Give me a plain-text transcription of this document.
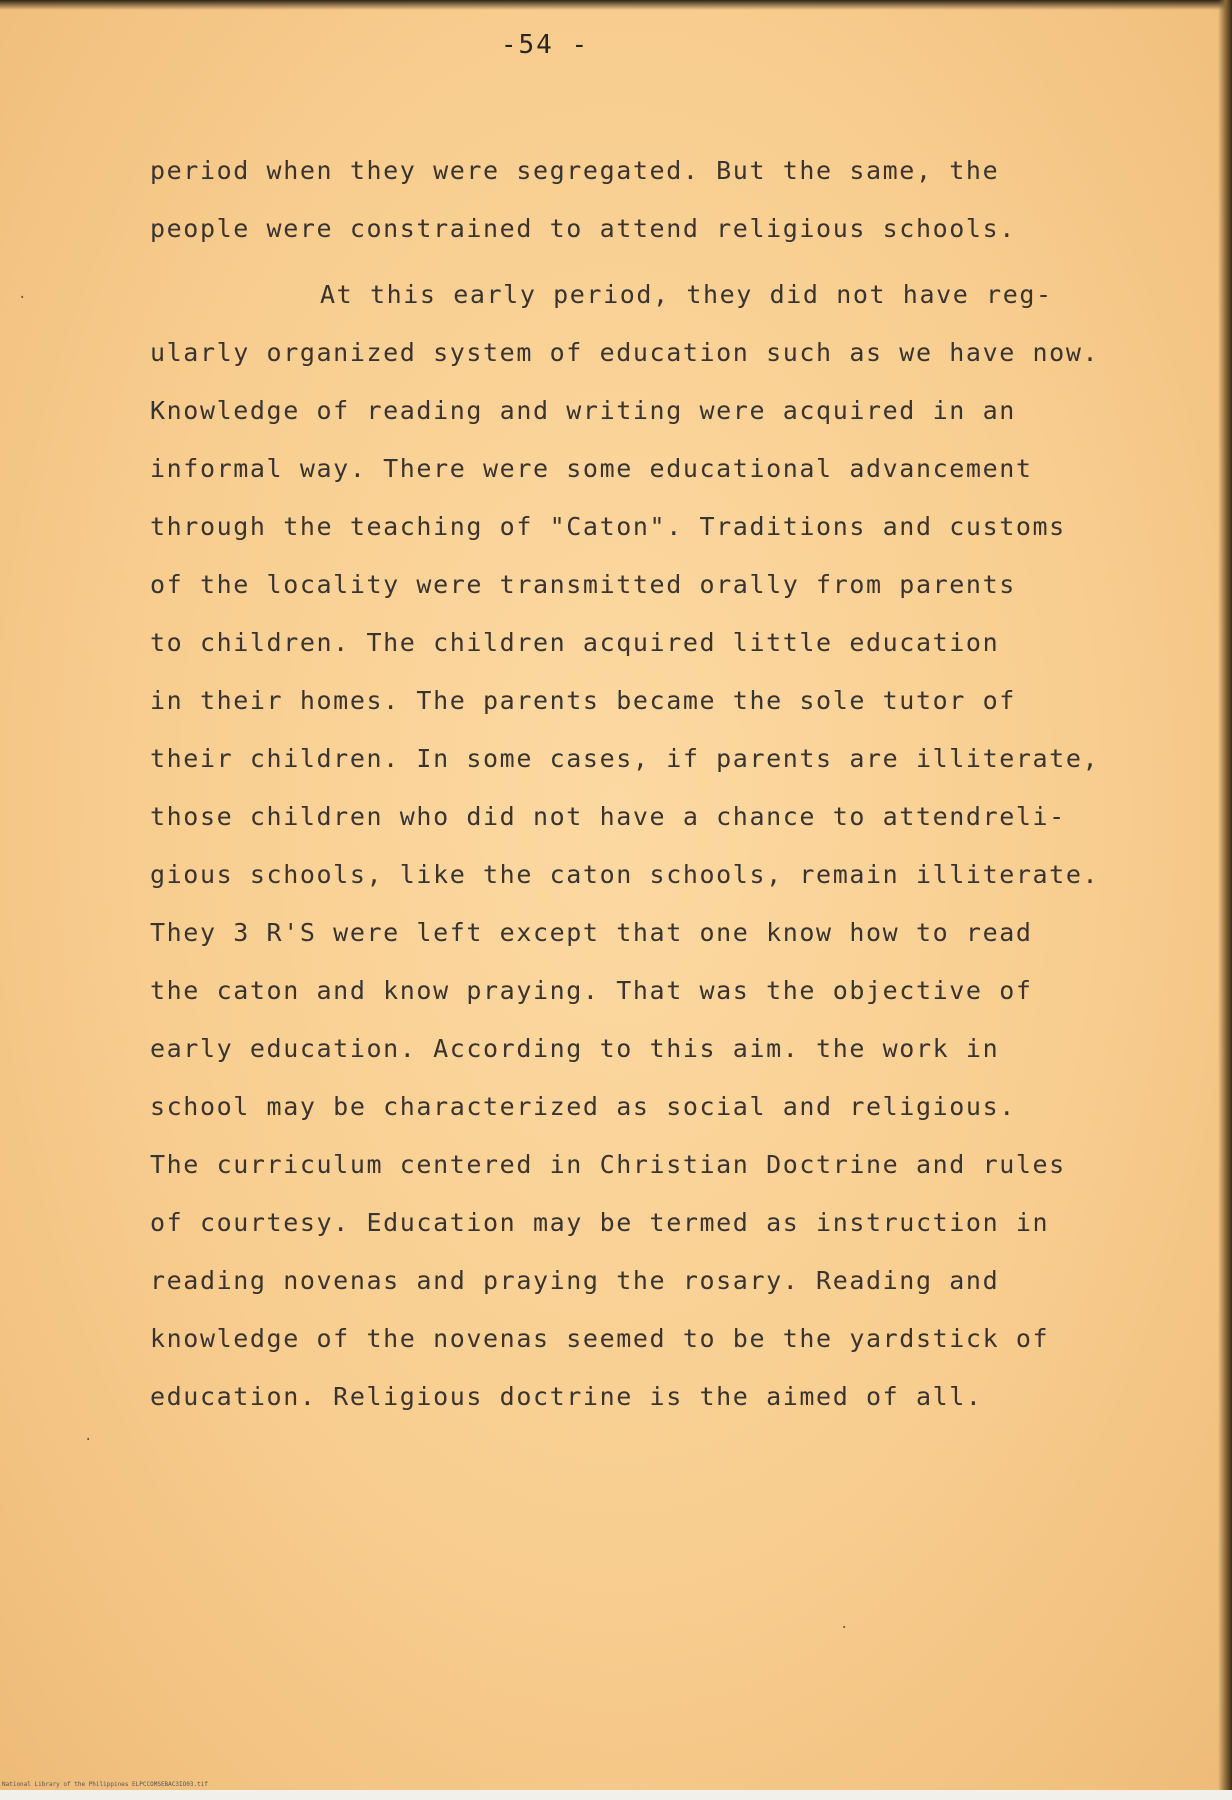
-54 -
period when they were segregated. But the same, the
people were constrained to attend religious schools.
At this early period, they did not have reg-
ularly organized system of education such as we have now.
Knowledge of reading and writing were acquired in an
informal way. There were some educational advancement
through the teaching of "Caton". Traditions and customs
of the locality were transmitted orally from parents
to children. The children acquired little education
in their homes. The parents became the sole tutor of
their children. In some cases, if parents are illiterate,
those children who did not have a chance to attendreli-
gious schools, like the caton schools, remain illiterate.
They 3 R'S were left except that one know how to read
the caton and know praying. That was the objective of
early education. According to this aim. the work in
school may be characterized as social and religious.
The curriculum centered in Christian Doctrine and rules
of courtesy. Education may be termed as instruction in
reading novenas and praying the rosary. Reading and
knowledge of the novenas seemed to be the yardstick of
education. Religious doctrine is the aimed of all.
·
·
·
National Library of the Philippines ELPCCOMSEBAC3IO03.tif
